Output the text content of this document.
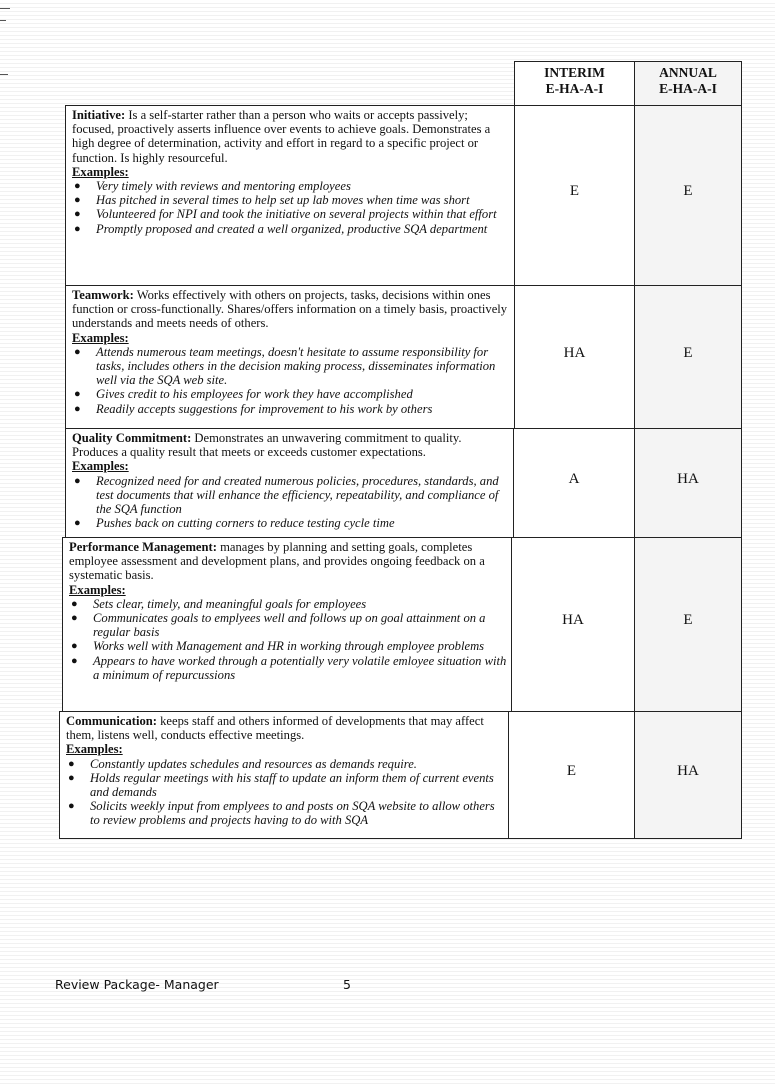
INTERIM
E-HA-A-I
ANNUAL
E-HA-A-I
Initiative: Is a self-starter rather than a person who waits or accepts passively; focused, proactively asserts influence over events to achieve goals. Demonstrates a high degree of determination, activity and effort in regard to a specific project or function. Is highly resourceful.
Examples:
● Very timely with reviews and mentoring employees
● Has pitched in several times to help set up lab moves when time was short
● Volunteered for NPI and took the initiative on several projects within that effort
● Promptly proposed and created a well organized, productive SQA department
E	E
Teamwork: Works effectively with others on projects, tasks, decisions within ones function or cross-functionally. Shares/offers information on a timely basis, proactively understands and meets needs of others.
Examples:
● Attends numerous team meetings, doesn't hesitate to assume responsibility for tasks, includes others in the decision making process, disseminates information well via the SQA web site.
● Gives credit to his employees for work they have accomplished
● Readily accepts suggestions for improvement to his work by others
HA	E
Quality Commitment: Demonstrates an unwavering commitment to quality. Produces a quality result that meets or exceeds customer expectations.
Examples:
● Recognized need for and created numerous policies, procedures, standards, and test documents that will enhance the efficiency, repeatability, and compliance of the SQA function
● Pushes back on cutting corners to reduce testing cycle time
A	HA
Performance Management: manages by planning and setting goals, completes employee assessment and development plans, and provides ongoing feedback on a systematic basis.
Examples:
● Sets clear, timely, and meaningful goals for employees
● Communicates goals to emplyees well and follows up on goal attainment on a regular basis
● Works well with Management and HR in working through employee problems
● Appears to have worked through a potentially very volatile emloyee situation with a minimum of repurcussions
HA	E
Communication: keeps staff and others informed of developments that may affect them, listens well, conducts effective meetings.
Examples:
● Constantly updates schedules and resources as demands require.
● Holds regular meetings with his staff to update an inform them of current events and demands
● Solicits weekly input from emplyees to and posts on SQA website to allow others to review problems and projects having to do with SQA
E	HA
Review Package- Manager	5
